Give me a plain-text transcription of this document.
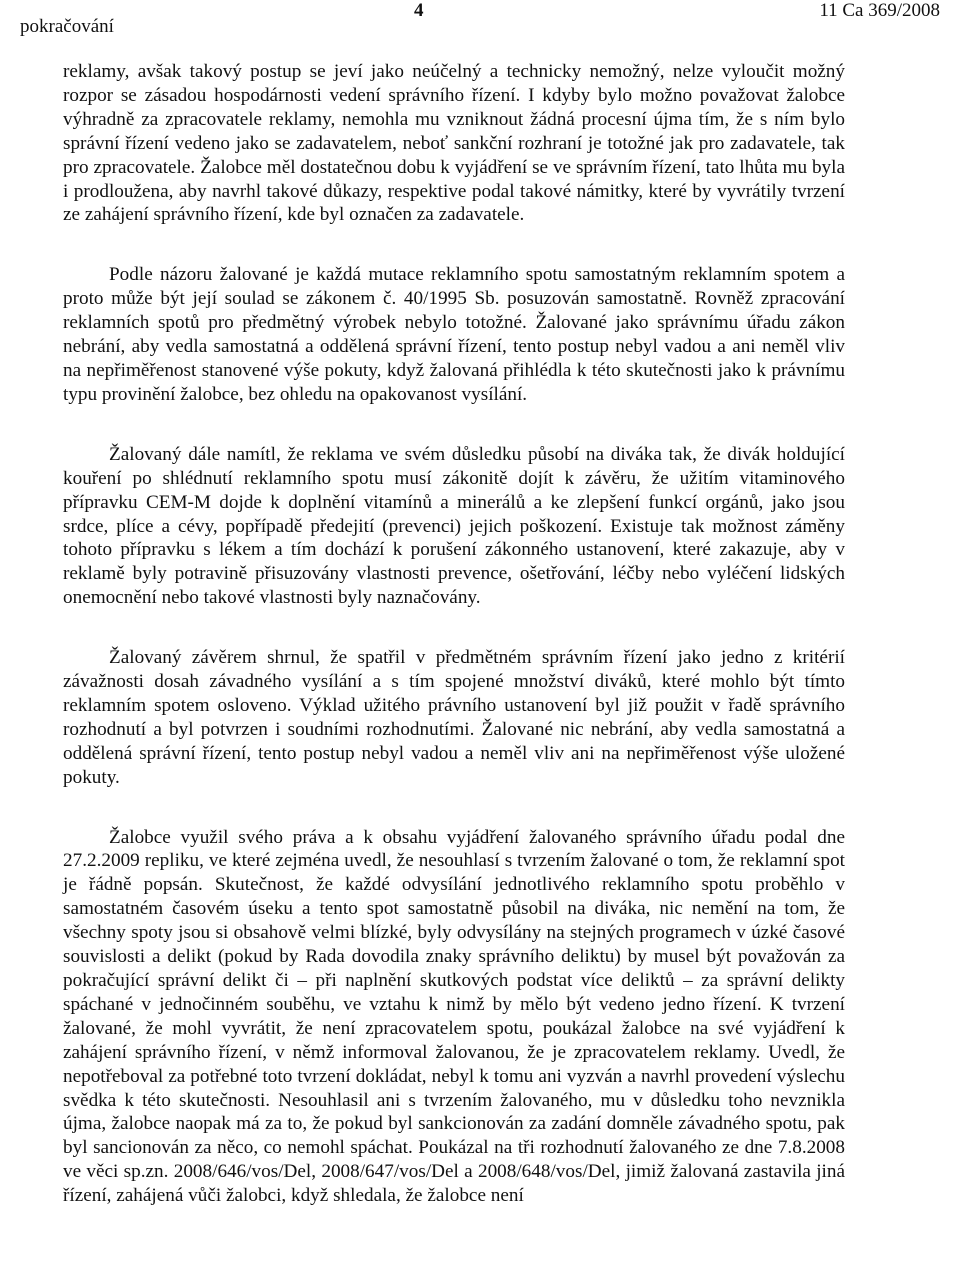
pokračování
4	11 Ca 369/2008

reklamy, avšak takový postup se jeví jako neúčelný a technicky nemožný, nelze vyloučit možný rozpor se zásadou hospodárnosti vedení správního řízení. I kdyby bylo možno považovat žalobce výhradně za zpracovatele reklamy, nemohla mu vzniknout žádná procesní újma tím, že s ním bylo správní řízení vedeno jako se zadavatelem, neboť sankční rozhraní je totožné jak pro zadavatele, tak pro zpracovatele. Žalobce měl dostatečnou dobu k vyjádření se ve správním řízení, tato lhůta mu byla i prodloužena, aby navrhl takové důkazy, respektive podal takové námitky, které by vyvrátily tvrzení ze zahájení správního řízení, kde byl označen za zadavatele.

Podle názoru žalované je každá mutace reklamního spotu samostatným reklamním spotem a proto může být její soulad se zákonem č. 40/1995 Sb. posuzován samostatně. Rovněž zpracování reklamních spotů pro předmětný výrobek nebylo totožné. Žalované jako správnímu úřadu zákon nebrání, aby vedla samostatná a oddělená správní řízení, tento postup nebyl vadou a ani neměl vliv na nepřiměřenost stanovené výše pokuty, když žalovaná přihlédla k této skutečnosti jako k právnímu typu provinění žalobce, bez ohledu na opakovanost vysílání.

Žalovaný dále namítl, že reklama ve svém důsledku působí na diváka tak, že divák holdující kouření po shlédnutí reklamního spotu musí zákonitě dojít k závěru, že užitím vitaminového přípravku CEM-M dojde k doplnění vitamínů a minerálů a ke zlepšení funkcí orgánů, jako jsou srdce, plíce a cévy, popřípadě předejití (prevenci) jejich poškození. Existuje tak možnost záměny tohoto přípravku s lékem a tím dochází k porušení zákonného ustanovení, které zakazuje, aby v reklamě byly potravině přisuzovány vlastnosti prevence, ošetřování, léčby nebo vyléčení lidských onemocnění nebo takové vlastnosti byly naznačovány.

Žalovaný závěrem shrnul, že spatřil v předmětném správním řízení jako jedno z kritérií závažnosti dosah závadného vysílání a s tím spojené množství diváků, které mohlo být tímto reklamním spotem osloveno. Výklad užitého právního ustanovení byl již použit v řadě správního rozhodnutí a byl potvrzen i soudními rozhodnutími. Žalované nic nebrání, aby vedla samostatná a oddělená správní řízení, tento postup nebyl vadou a neměl vliv ani na nepřiměřenost výše uložené pokuty.

Žalobce využil svého práva a k obsahu vyjádření žalovaného správního úřadu podal dne 27.2.2009 repliku, ve které zejména uvedl, že nesouhlasí s tvrzením žalované o tom, že reklamní spot je řádně popsán. Skutečnost, že každé odvysílání jednotlivého reklamního spotu proběhlo v samostatném časovém úseku a tento spot samostatně působil na diváka, nic nemění na tom, že všechny spoty jsou si obsahově velmi blízké, byly odvysílány na stejných programech v úzké časové souvislosti a delikt (pokud by Rada dovodila znaky správního deliktu) by musel být považován za pokračující správní delikt či – při naplnění skutkových podstat více deliktů – za správní delikty spáchané v jednočinném souběhu, ve vztahu k nimž by mělo být vedeno jedno řízení. K tvrzení žalované, že mohl vyvrátit, že není zpracovatelem spotu, poukázal žalobce na své vyjádření k zahájení správního řízení, v němž informoval žalovanou, že je zpracovatelem reklamy. Uvedl, že nepotřeboval za potřebné toto tvrzení dokládat, nebyl k tomu ani vyzván a navrhl provedení výslechu svědka k této skutečnosti. Nesouhlasil ani s tvrzením žalovaného, mu v důsledku toho nevznikla újma, žalobce naopak má za to, že pokud byl sankcionován za zadání domněle závadného spotu, pak byl sancionován za něco, co nemohl spáchat. Poukázal na tři rozhodnutí žalovaného ze dne 7.8.2008 ve věci sp.zn. 2008/646/vos/Del, 2008/647/vos/Del a 2008/648/vos/Del, jimiž žalovaná zastavila jiná řízení, zahájená vůči žalobci, když shledala, že žalobce není
